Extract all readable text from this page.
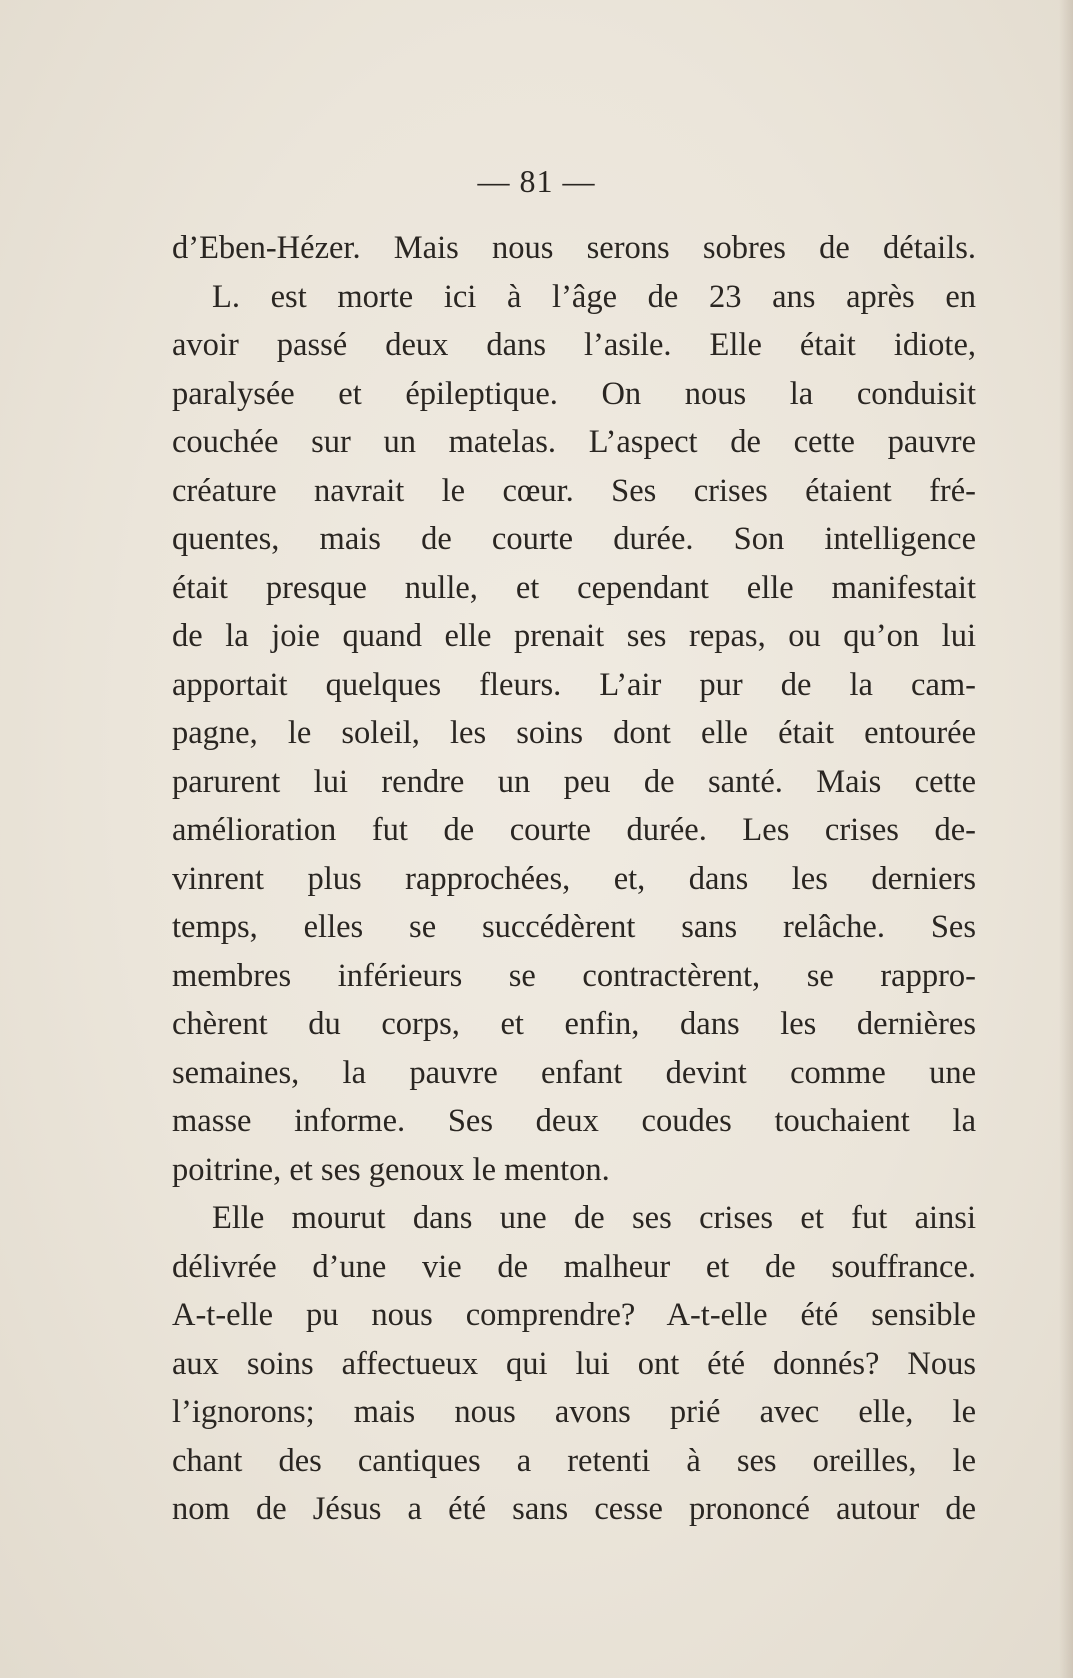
— 81 —
d’Eben-Hézer. Mais nous serons sobres de détails.
L. est morte ici à l’âge de 23 ans après en
avoir passé deux dans l’asile. Elle était idiote,
paralysée et épileptique. On nous la conduisit
couchée sur un matelas. L’aspect de cette pauvre
créature navrait le cœur. Ses crises étaient fré-
quentes, mais de courte durée. Son intelligence
était presque nulle, et cependant elle manifestait
de la joie quand elle prenait ses repas, ou qu’on lui
apportait quelques fleurs. L’air pur de la cam-
pagne, le soleil, les soins dont elle était entourée
parurent lui rendre un peu de santé. Mais cette
amélioration fut de courte durée. Les crises de-
vinrent plus rapprochées, et, dans les derniers
temps, elles se succédèrent sans relâche. Ses
membres inférieurs se contractèrent, se rappro-
chèrent du corps, et enfin, dans les dernières
semaines, la pauvre enfant devint comme une
masse informe. Ses deux coudes touchaient la
poitrine, et ses genoux le menton.
Elle mourut dans une de ses crises et fut ainsi
délivrée d’une vie de malheur et de souffrance.
A-t-elle pu nous comprendre? A-t-elle été sensible
aux soins affectueux qui lui ont été donnés? Nous
l’ignorons; mais nous avons prié avec elle, le
chant des cantiques a retenti à ses oreilles, le
nom de Jésus a été sans cesse prononcé autour de
